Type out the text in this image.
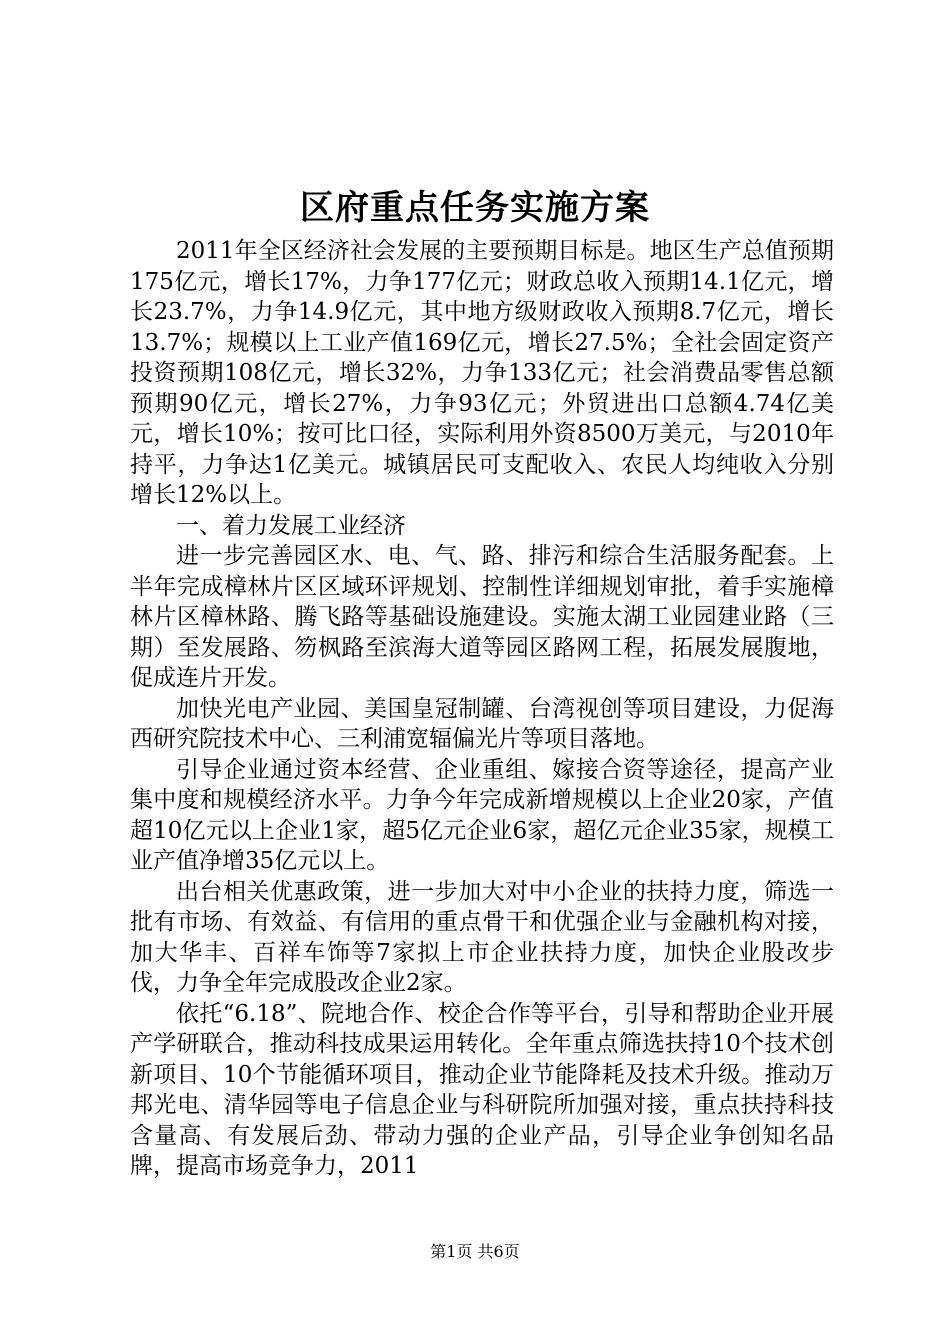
区府重点任务实施方案

2011年全区经济社会发展的主要预期目标是。地区生产总值预期175亿元，增长17%，力争177亿元；财政总收入预期14.1亿元，增长23.7%，力争14.9亿元，其中地方级财政收入预期8.7亿元，增长13.7%；规模以上工业产值169亿元，增长27.5%；全社会固定资产投资预期108亿元，增长32%，力争133亿元；社会消费品零售总额预期90亿元，增长27%，力争93亿元；外贸进出口总额4.74亿美元，增长10%；按可比口径，实际利用外资8500万美元，与2010年持平，力争达1亿美元。城镇居民可支配收入、农民人均纯收入分别增长12%以上。

一、着力发展工业经济

进一步完善园区水、电、气、路、排污和综合生活服务配套。上半年完成樟林片区区域环评规划、控制性详细规划审批，着手实施樟林片区樟林路、腾飞路等基础设施建设。实施太湖工业园建业路（三期）至发展路、笏枫路至滨海大道等园区路网工程，拓展发展腹地，促成连片开发。

加快光电产业园、美国皇冠制罐、台湾视创等项目建设，力促海西研究院技术中心、三利浦宽辐偏光片等项目落地。

引导企业通过资本经营、企业重组、嫁接合资等途径，提高产业集中度和规模经济水平。力争今年完成新增规模以上企业20家，产值超10亿元以上企业1家，超5亿元企业6家，超亿元企业35家，规模工业产值净增35亿元以上。

出台相关优惠政策，进一步加大对中小企业的扶持力度，筛选一批有市场、有效益、有信用的重点骨干和优强企业与金融机构对接，加大华丰、百祥车饰等7家拟上市企业扶持力度，加快企业股改步伐，力争全年完成股改企业2家。

依托“6.18”、院地合作、校企合作等平台，引导和帮助企业开展产学研联合，推动科技成果运用转化。全年重点筛选扶持10个技术创新项目、10个节能循环项目，推动企业节能降耗及技术升级。推动万邦光电、清华园等电子信息企业与科研院所加强对接，重点扶持科技含量高、有发展后劲、带动力强的企业产品，引导企业争创知名品牌，提高市场竞争力，2011

第1页 共6页
